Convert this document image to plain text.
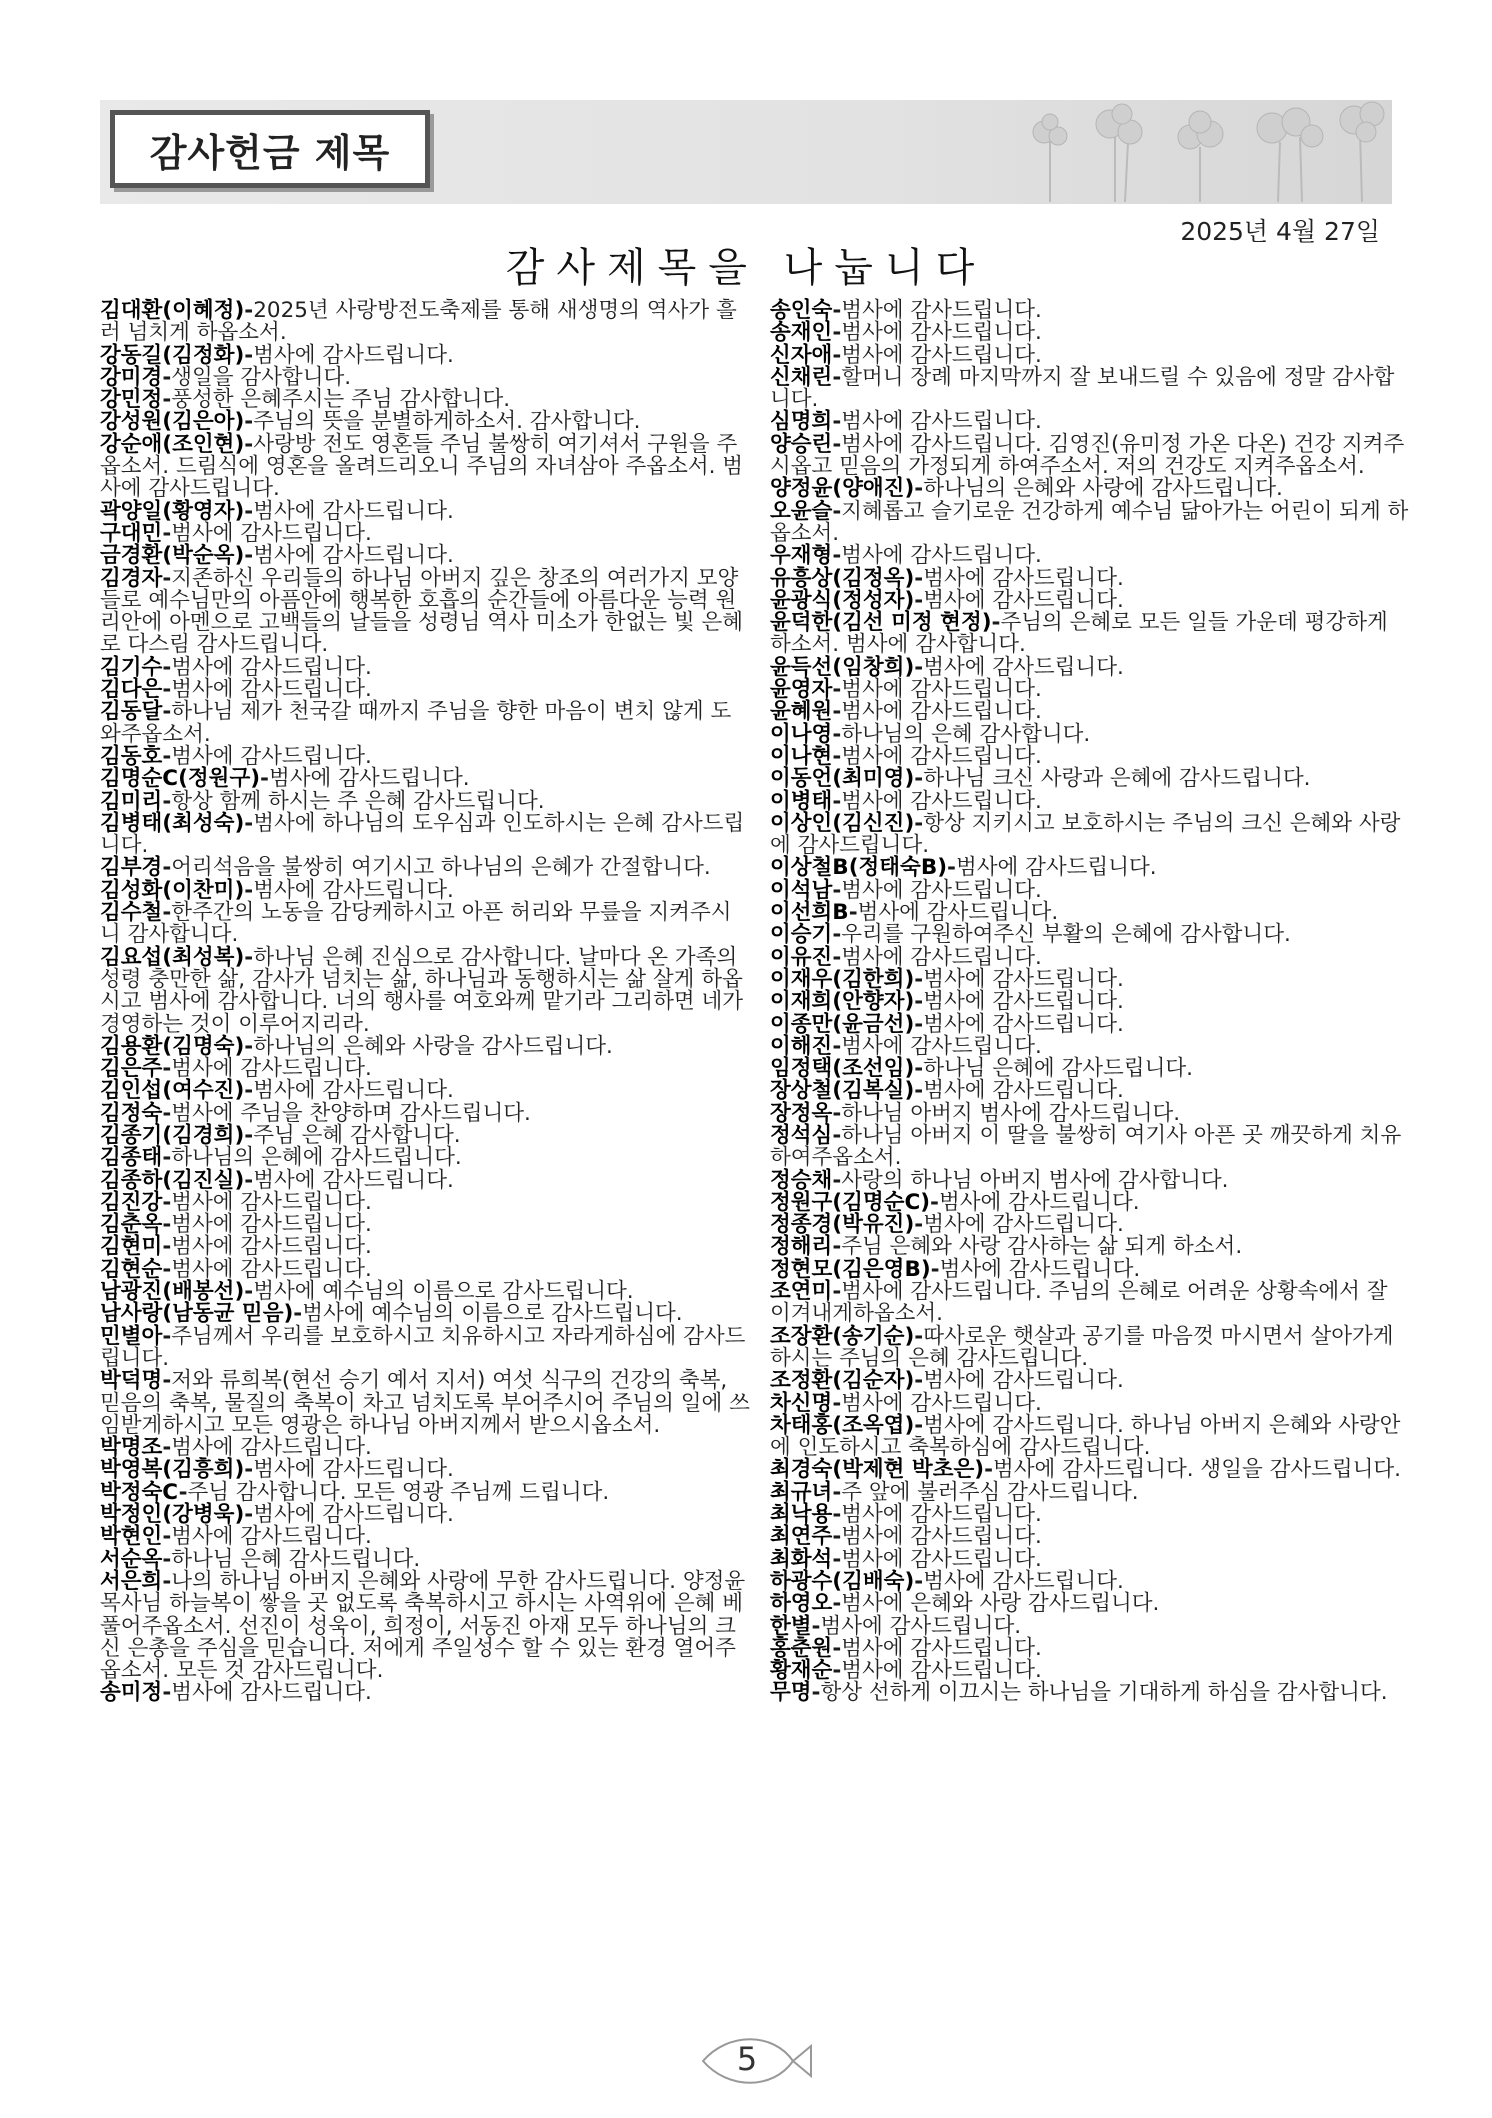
감사헌금 제목
2025년 4월 27일
감사제목을 나눕니다

김대환(이혜정)-2025년 사랑방전도축제를 통해 새생명의 역사가 흘러 넘치게 하옵소서.

강동길(김정화)-범사에 감사드립니다.

강미경-생일을 감사합니다.

강민정-풍성한 은혜주시는 주님 감사합니다.

강성원(김은아)-주님의 뜻을 분별하게하소서. 감사합니다.

강순애(조인현)-사랑방 전도 영혼들 주님 불쌍히 여기셔서 구원을 주옵소서. 드림식에 영혼을 올려드리오니 주님의 자녀삼아 주옵소서. 범사에 감사드립니다.

곽양일(황영자)-범사에 감사드립니다.

구대민-범사에 감사드립니다.

금경환(박순옥)-범사에 감사드립니다.

김경자-지존하신 우리들의 하나님 아버지 깊은 창조의 여러가지 모양들로 예수님만의 아픔안에 행복한 호흡의 순간들에 아름다운 능력 원리안에 아멘으로 고백들의 날들을 성령님 역사 미소가 한없는 빛 은혜로 다스림 감사드립니다.

김기수-범사에 감사드립니다.

김다은-범사에 감사드립니다.

김동달-하나님 제가 천국갈 때까지 주님을 향한 마음이 변치 않게 도와주옵소서.

김동호-범사에 감사드립니다.

김명순C(정원구)-범사에 감사드립니다.

김미리-항상 함께 하시는 주 은혜 감사드립니다.

김병태(최성숙)-범사에 하나님의 도우심과 인도하시는 은혜 감사드립니다.

김부경-어리석음을 불쌍히 여기시고 하나님의 은혜가 간절합니다.

김성화(이찬미)-범사에 감사드립니다.

김수철-한주간의 노동을 감당케하시고 아픈 허리와 무릎을 지켜주시니 감사합니다.

김요섭(최성복)-하나님 은혜 진심으로 감사합니다. 날마다 온 가족의 성령 충만한 삶, 감사가 넘치는 삶, 하나님과 동행하시는 삶 살게 하옵시고 범사에 감사합니다. 너의 행사를 여호와께 맡기라 그리하면 네가 경영하는 것이 이루어지리라.

김용환(김명숙)-하나님의 은혜와 사랑을 감사드립니다.

김은주-범사에 감사드립니다.

김인섭(여수진)-범사에 감사드립니다.

김정숙-범사에 주님을 찬양하며 감사드립니다.

김종기(김경희)-주님 은혜 감사합니다.

김종태-하나님의 은혜에 감사드립니다.

김종하(김진실)-범사에 감사드립니다.

김진강-범사에 감사드립니다.

김춘옥-범사에 감사드립니다.

김현미-범사에 감사드립니다.

김현순-범사에 감사드립니다.

남광진(배봉선)-범사에 예수님의 이름으로 감사드립니다.

남사랑(남동균 믿음)-범사에 예수님의 이름으로 감사드립니다.

민별아-주님께서 우리를 보호하시고 치유하시고 자라게하심에 감사드립니다.

박덕명-저와 류희복(현선 승기 예서 지서) 여섯 식구의 건강의 축복, 믿음의 축복, 물질의 축복이 차고 넘치도록 부어주시어 주님의 일에 쓰임받게하시고 모든 영광은 하나님 아버지께서 받으시옵소서.

박명조-범사에 감사드립니다.

박영복(김흥희)-범사에 감사드립니다.

박정숙C-주님 감사합니다. 모든 영광 주님께 드립니다.

박정인(강병욱)-범사에 감사드립니다.

박현인-범사에 감사드립니다.

서순옥-하나님 은혜 감사드립니다.

서은희-나의 하나님 아버지 은혜와 사랑에 무한 감사드립니다. 양정윤목사님 하늘복이 쌓을 곳 없도록 축복하시고 하시는 사역위에 은혜 베풀어주옵소서. 선진이 성욱이, 희정이, 서동진 아재 모두 하나님의 크신 은총을 주심을 믿습니다. 저에게 주일성수 할 수 있는 환경 열어주옵소서. 모든 것 감사드립니다.

송미정-범사에 감사드립니다.

송인숙-범사에 감사드립니다.

송재인-범사에 감사드립니다.

신자애-범사에 감사드립니다.

신채린-할머니 장례 마지막까지 잘 보내드릴 수 있음에 정말 감사합니다.

심명희-범사에 감사드립니다.

양승린-범사에 감사드립니다. 김영진(유미정 가온 다온) 건강 지켜주시옵고 믿음의 가정되게 하여주소서. 저의 건강도 지켜주옵소서.

양정윤(양애진)-하나님의 은혜와 사랑에 감사드립니다.

오윤슬-지혜롭고 슬기로운 건강하게 예수님 닮아가는 어린이 되게 하옵소서.

우재형-범사에 감사드립니다.

유흥상(김정옥)-범사에 감사드립니다.

윤광식(정성자)-범사에 감사드립니다.

윤덕한(김선 미정 현정)-주님의 은혜로 모든 일들 가운데 평강하게 하소서. 범사에 감사합니다.

윤득선(임창희)-범사에 감사드립니다.

윤영자-범사에 감사드립니다.

윤혜원-범사에 감사드립니다.

이나영-하나님의 은혜 감사합니다.

이나현-범사에 감사드립니다.

이동언(최미영)-하나님 크신 사랑과 은혜에 감사드립니다.

이병태-범사에 감사드립니다.

이상인(김신진)-항상 지키시고 보호하시는 주님의 크신 은혜와 사랑에 감사드립니다.

이상철B(정태숙B)-범사에 감사드립니다.

이석남-범사에 감사드립니다.

이선희B-범사에 감사드립니다.

이승기-우리를 구원하여주신 부활의 은혜에 감사합니다.

이유진-범사에 감사드립니다.

이재우(김한희)-범사에 감사드립니다.

이재희(안향자)-범사에 감사드립니다.

이종만(윤금선)-범사에 감사드립니다.

이해진-범사에 감사드립니다.

임정택(조선임)-하나님 은혜에 감사드립니다.

장상철(김복실)-범사에 감사드립니다.

장정옥-하나님 아버지 범사에 감사드립니다.

정석심-하나님 아버지 이 딸을 불쌍히 여기사 아픈 곳 깨끗하게 치유하여주옵소서.

정승채-사랑의 하나님 아버지 범사에 감사합니다.

정원구(김명순C)-범사에 감사드립니다.

정종경(박유진)-범사에 감사드립니다.

정해리-주님 은혜와 사랑 감사하는 삶 되게 하소서.

정현모(김은영B)-범사에 감사드립니다.

조연미-범사에 감사드립니다. 주님의 은혜로 어려운 상황속에서 잘 이겨내게하옵소서.

조장환(송기순)-따사로운 햇살과 공기를 마음껏 마시면서 살아가게 하시는 주님의 은혜 감사드립니다.

조정환(김순자)-범사에 감사드립니다.

차신명-범사에 감사드립니다.

차태홍(조옥엽)-범사에 감사드립니다. 하나님 아버지 은혜와 사랑안에 인도하시고 축복하심에 감사드립니다.

최경숙(박제현 박초은)-범사에 감사드립니다. 생일을 감사드립니다.

최규녀-주 앞에 불러주심 감사드립니다.

최낙용-범사에 감사드립니다.

최연주-범사에 감사드립니다.

최화석-범사에 감사드립니다.

하광수(김배숙)-범사에 감사드립니다.

하영오-범사에 은혜와 사랑 감사드립니다.

한별-범사에 감사드립니다.

홍춘원-범사에 감사드립니다.

황재순-범사에 감사드립니다.

무명-항상 선하게 이끄시는 하나님을 기대하게 하심을 감사합니다.

5
